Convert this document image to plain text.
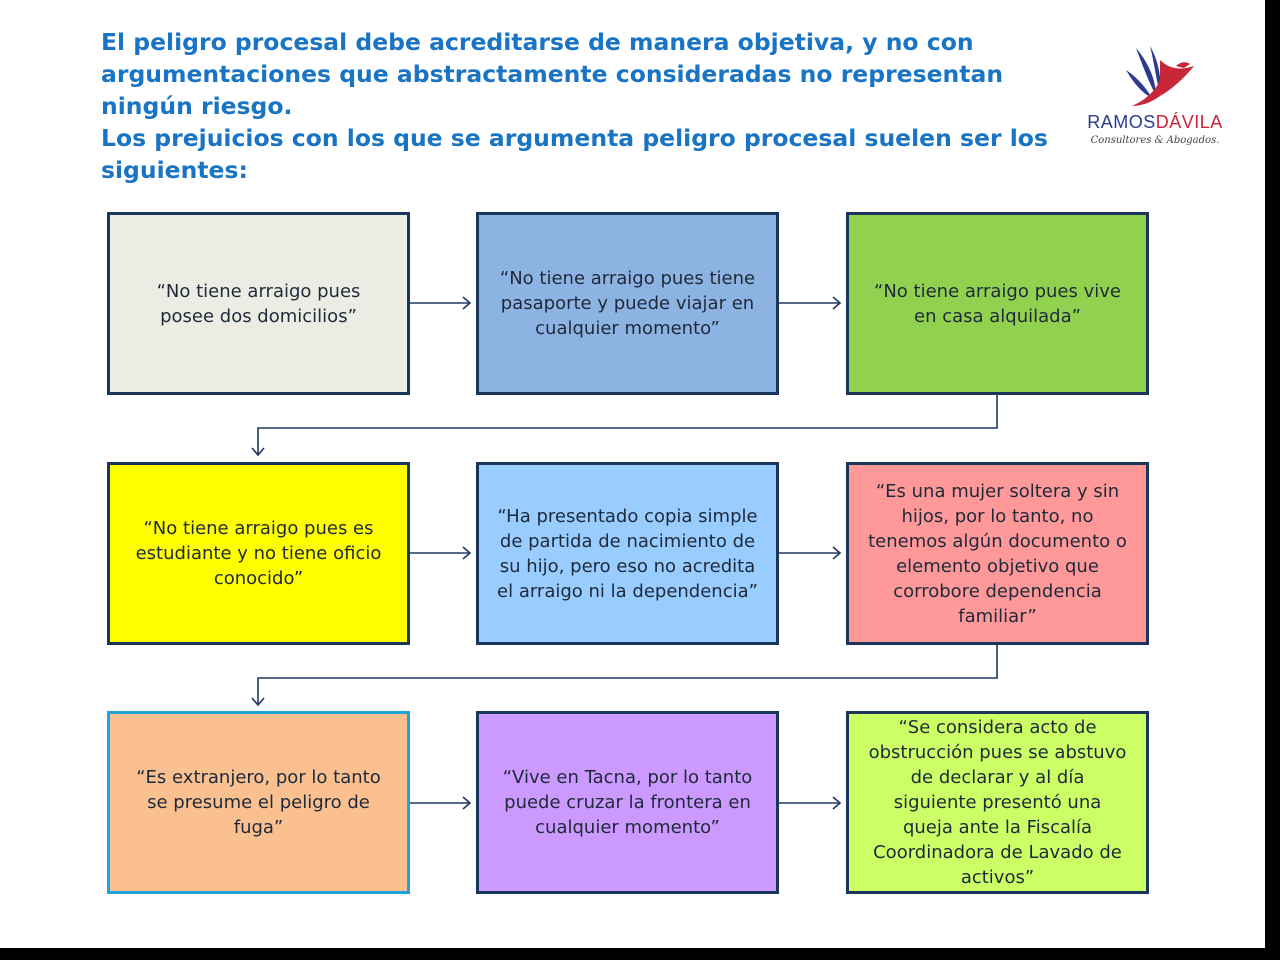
El peligro procesal debe acreditarse de manera objetiva, y no con
argumentaciones que abstractamente consideradas no representan
ningún riesgo.
Los prejuicios con los que se argumenta peligro procesal suelen ser los
siguientes:
RAMOSDÁVILA
Consultores & Abogados.
“No tiene arraigo pues posee dos domicilios”
“No tiene arraigo pues tiene pasaporte y puede viajar en cualquier momento”
“No tiene arraigo pues vive en casa alquilada”
“No tiene arraigo pues es estudiante y no tiene oficio conocido”
“Ha presentado copia simple de partida de nacimiento de su hijo, pero eso no acredita el arraigo ni la dependencia”
“Es una mujer soltera y sin hijos, por lo tanto, no tenemos algún documento o elemento objetivo que corrobore dependencia familiar”
“Es extranjero, por lo tanto se presume el peligro de fuga”
“Vive en Tacna, por lo tanto puede cruzar la frontera en cualquier momento”
“Se considera acto de obstrucción pues se abstuvo de declarar y al día siguiente presentó una queja ante la Fiscalía Coordinadora de Lavado de activos”
